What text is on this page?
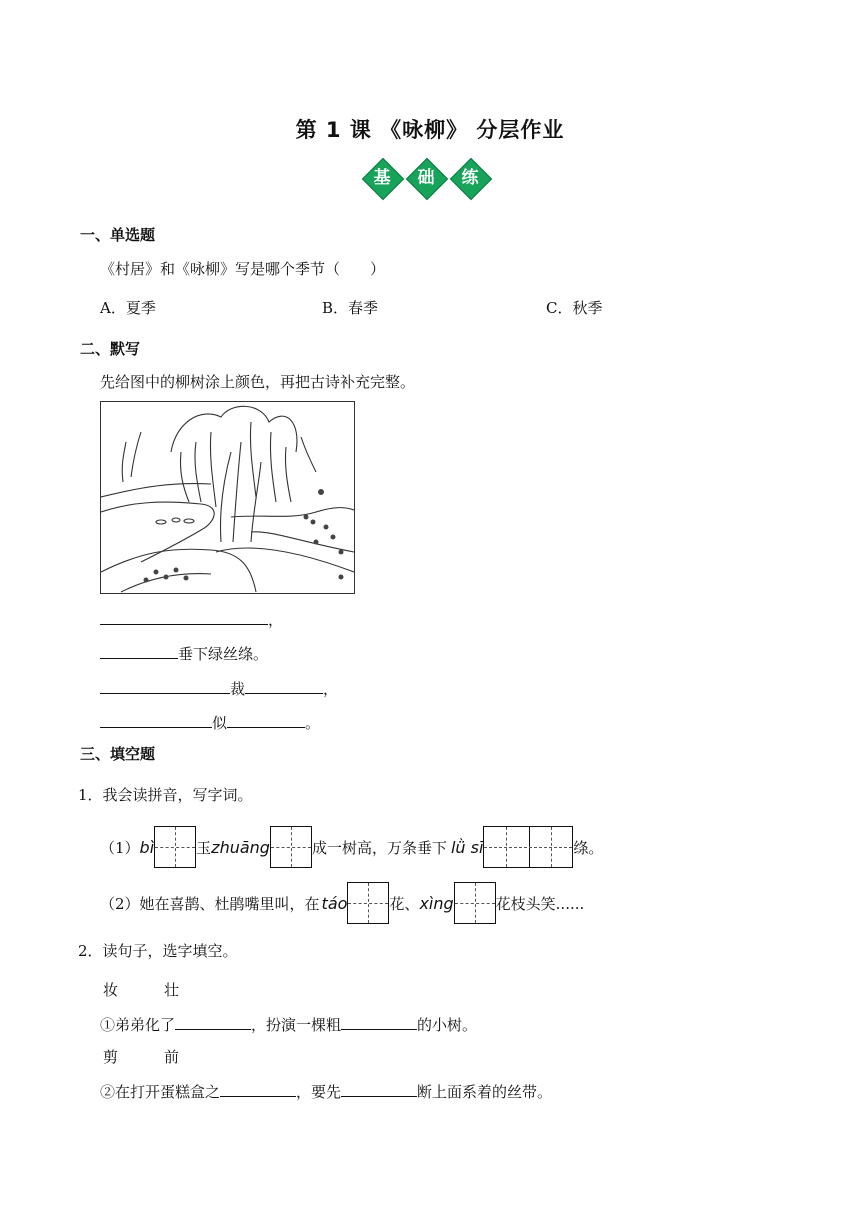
第 1 课 《咏柳》 分层作业
基	础	练
一、单选题
《村居》和《咏柳》写是哪个季节（　　）
A．夏季	B．春季	C．秋季
二、默写
先给图中的柳树涂上颜色，再把古诗补充完整。
，
垂下绿丝绦。
裁	，
似	。
三、填空题
1．我会读拼音，写字词。
（1） bì	玉 zhuāng	成一树高，万条垂下 lǜ sī	绦。
（2）她在喜鹊、杜鹃嘴里叫，在 táo	花、 xìng	花枝头笑......
2．读句子，选字填空。
妆	壮
①弟弟化了	，扮演一棵粗	的小树。
剪	前
②在打开蛋糕盒之	，要先	断上面系着的丝带。
